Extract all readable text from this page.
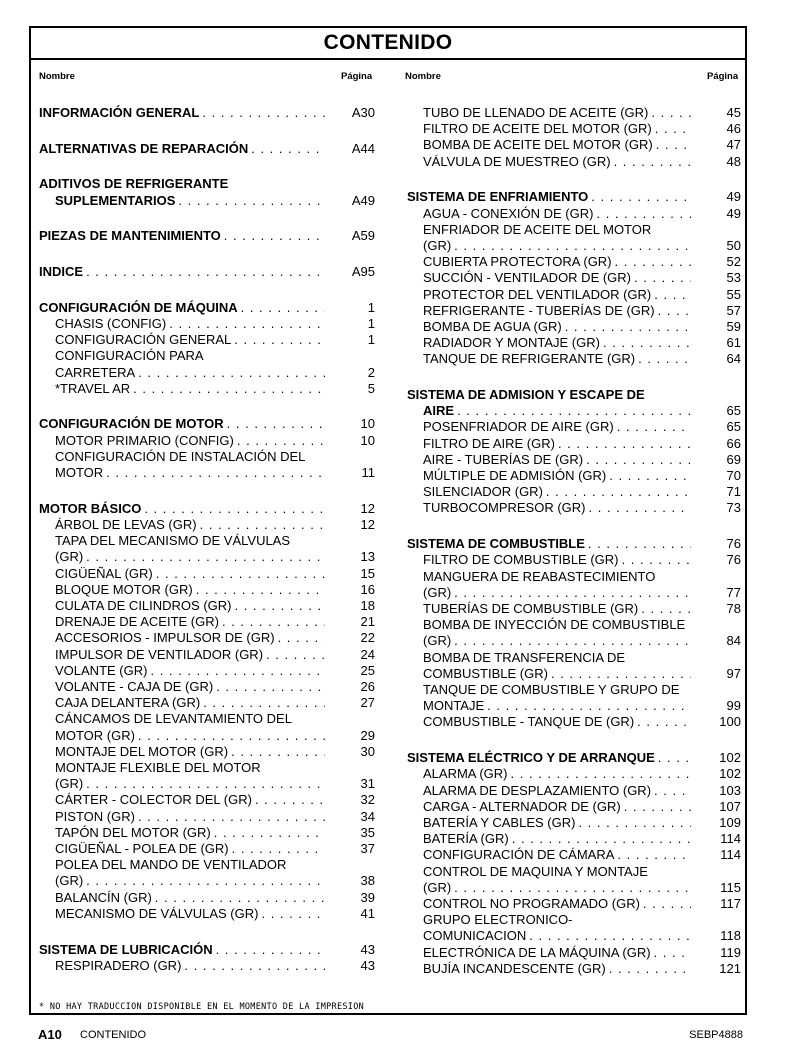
CONTENIDO
Nombre	Página	Nombre	Página
INFORMACIÓN GENERAL . . .	A30
ALTERNATIVAS DE REPARACIÓN . . .	A44
ADITIVOS DE REFRIGERANTE
SUPLEMENTARIOS . . .	A49
PIEZAS DE MANTENIMIENTO . . .	A59
INDICE . . .	A95
CONFIGURACIÓN DE MÁQUINA . . .	1
CHASIS (CONFIG) . . .	1
CONFIGURACIÓN GENERAL . . .	1
CONFIGURACIÓN PARA
CARRETERA . . .	2
*TRAVEL AR . . .	5
CONFIGURACIÓN DE MOTOR . . .	10
MOTOR PRIMARIO (CONFIG) . . .	10
CONFIGURACIÓN DE INSTALACIÓN DEL
MOTOR . . .	11
MOTOR BÁSICO . . .	12
ÁRBOL DE LEVAS (GR) . . .	12
TAPA DEL MECANISMO DE VÁLVULAS
(GR) . . .	13
CIGÜEÑAL (GR) . . .	15
BLOQUE MOTOR (GR) . . .	16
CULATA DE CILINDROS (GR) . . .	18
DRENAJE DE ACEITE (GR) . . .	21
ACCESORIOS - IMPULSOR DE (GR) . . .	22
IMPULSOR DE VENTILADOR (GR) . . .	24
VOLANTE (GR) . . .	25
VOLANTE - CAJA DE (GR) . . .	26
CAJA DELANTERA (GR) . . .	27
CÁNCAMOS DE LEVANTAMIENTO DEL
MOTOR (GR) . . .	29
MONTAJE DEL MOTOR (GR) . . .	30
MONTAJE FLEXIBLE DEL MOTOR
(GR) . . .	31
CÁRTER - COLECTOR DEL (GR) . . .	32
PISTON (GR) . . .	34
TAPÓN DEL MOTOR (GR) . . .	35
CIGÜEÑAL - POLEA DE (GR) . . .	37
POLEA DEL MANDO DE VENTILADOR
(GR) . . .	38
BALANCÍN (GR) . . .	39
MECANISMO DE VÁLVULAS (GR) . . .	41
SISTEMA DE LUBRICACIÓN . . .	43
RESPIRADERO (GR) . . .	43
TUBO DE LLENADO DE ACEITE (GR) . . .	45
FILTRO DE ACEITE DEL MOTOR (GR) . . .	46
BOMBA DE ACEITE DEL MOTOR (GR) . . .	47
VÁLVULA DE MUESTREO (GR) . . .	48
SISTEMA DE ENFRIAMIENTO . . .	49
AGUA - CONEXIÓN DE (GR) . . .	49
ENFRIADOR DE ACEITE DEL MOTOR
(GR) . . .	50
CUBIERTA PROTECTORA (GR) . . .	52
SUCCIÓN - VENTILADOR DE (GR) . . .	53
PROTECTOR DEL VENTILADOR (GR) . . .	55
REFRIGERANTE - TUBERÍAS DE (GR) . . .	57
BOMBA DE AGUA (GR) . . .	59
RADIADOR Y MONTAJE (GR) . . .	61
TANQUE DE REFRIGERANTE (GR) . . .	64
SISTEMA DE ADMISION Y ESCAPE DE
AIRE . . .	65
POSENFRIADOR DE AIRE (GR) . . .	65
FILTRO DE AIRE (GR) . . .	66
AIRE - TUBERÍAS DE (GR) . . .	69
MÚLTIPLE DE ADMISIÓN (GR) . . .	70
SILENCIADOR (GR) . . .	71
TURBOCOMPRESOR (GR) . . .	73
SISTEMA DE COMBUSTIBLE . . .	76
FILTRO DE COMBUSTIBLE (GR) . . .	76
MANGUERA DE REABASTECIMIENTO
(GR) . . .	77
TUBERÍAS DE COMBUSTIBLE (GR) . . .	78
BOMBA DE INYECCIÓN DE COMBUSTIBLE
(GR) . . .	84
BOMBA DE TRANSFERENCIA DE
COMBUSTIBLE (GR) . . .	97
TANQUE DE COMBUSTIBLE Y GRUPO DE
MONTAJE . . .	99
COMBUSTIBLE - TANQUE DE (GR) . . .	100
SISTEMA ELÉCTRICO Y DE ARRANQUE . . .	102
ALARMA (GR) . . .	102
ALARMA DE DESPLAZAMIENTO (GR) . . .	103
CARGA - ALTERNADOR DE (GR) . . .	107
BATERÍA Y CABLES (GR) . . .	109
BATERÍA (GR) . . .	114
CONFIGURACIÓN DE CÁMARA . . .	114
CONTROL DE MAQUINA Y MONTAJE
(GR) . . .	115
CONTROL NO PROGRAMADO (GR) . . .	117
GRUPO ELECTRONICO-
COMUNICACION . . .	118
ELECTRÓNICA DE LA MÁQUINA (GR) . . .	119
BUJÍA INCANDESCENTE (GR) . . .	121
* NO HAY TRADUCCION DISPONIBLE EN EL MOMENTO DE LA IMPRESION
A10 CONTENIDO	SEBP4888
